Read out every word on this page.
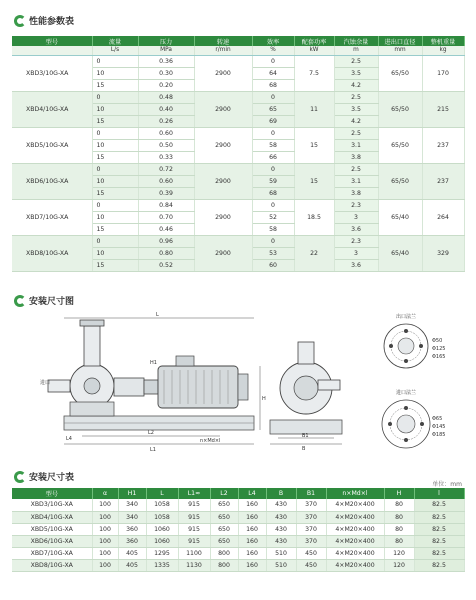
性能参数表
型号	流量	压力	转速	效率	配套功率	汽蚀余量	进出口直径	整机重量
	L/s	MPa	r/min	%	kW	m	mm	kg
XBD3/10G-XA	0	0.36	2900	0	7.5	2.5	65/50	170
	10	0.30		64		3.5		
	15	0.20		68		4.2		
XBD4/10G-XA	0	0.48	2900	0	11	2.5	65/50	215
	10	0.40		65		3.5		
	15	0.26		69		4.2		
XBD5/10G-XA	0	0.60	2900	0	15	2.5	65/50	237
	10	0.50		58		3.1		
	15	0.33		66		3.8		
XBD6/10G-XA	0	0.72	2900	0	15	2.5	65/50	237
	10	0.60		59		3.1		
	15	0.39		68		3.8		
XBD7/10G-XA	0	0.84	2900	0	18.5	2.3	65/40	264
	10	0.70		52		3		
	15	0.46		58		3.6		
XBD8/10G-XA	0	0.96	2900	0	22	2.3	65/40	329
	10	0.80		53		3		
	15	0.52		60		3.6		
安装尺寸图
L
L1
L2
L4
H1
H
n×Md×l
进口
B
B1
出口法兰
Φ50
Φ125
Φ165
进口法兰
Φ65
Φ145
Φ185
安装尺寸表
单位：mm
型号	α	H1	L	L1≈	L2	L4	B	B1	n×Md×l	H	l
XBD3/10G-XA	100	340	1058	915	650	160	430	370	4×M20×400	80	82.5
XBD4/10G-XA	100	340	1058	915	650	160	430	370	4×M20×400	80	82.5
XBD5/10G-XA	100	360	1060	915	650	160	430	370	4×M20×400	80	82.5
XBD6/10G-XA	100	360	1060	915	650	160	430	370	4×M20×400	80	82.5
XBD7/10G-XA	100	405	1295	1100	800	160	510	450	4×M20×400	120	82.5
XBD8/10G-XA	100	405	1335	1130	800	160	510	450	4×M20×400	120	82.5
